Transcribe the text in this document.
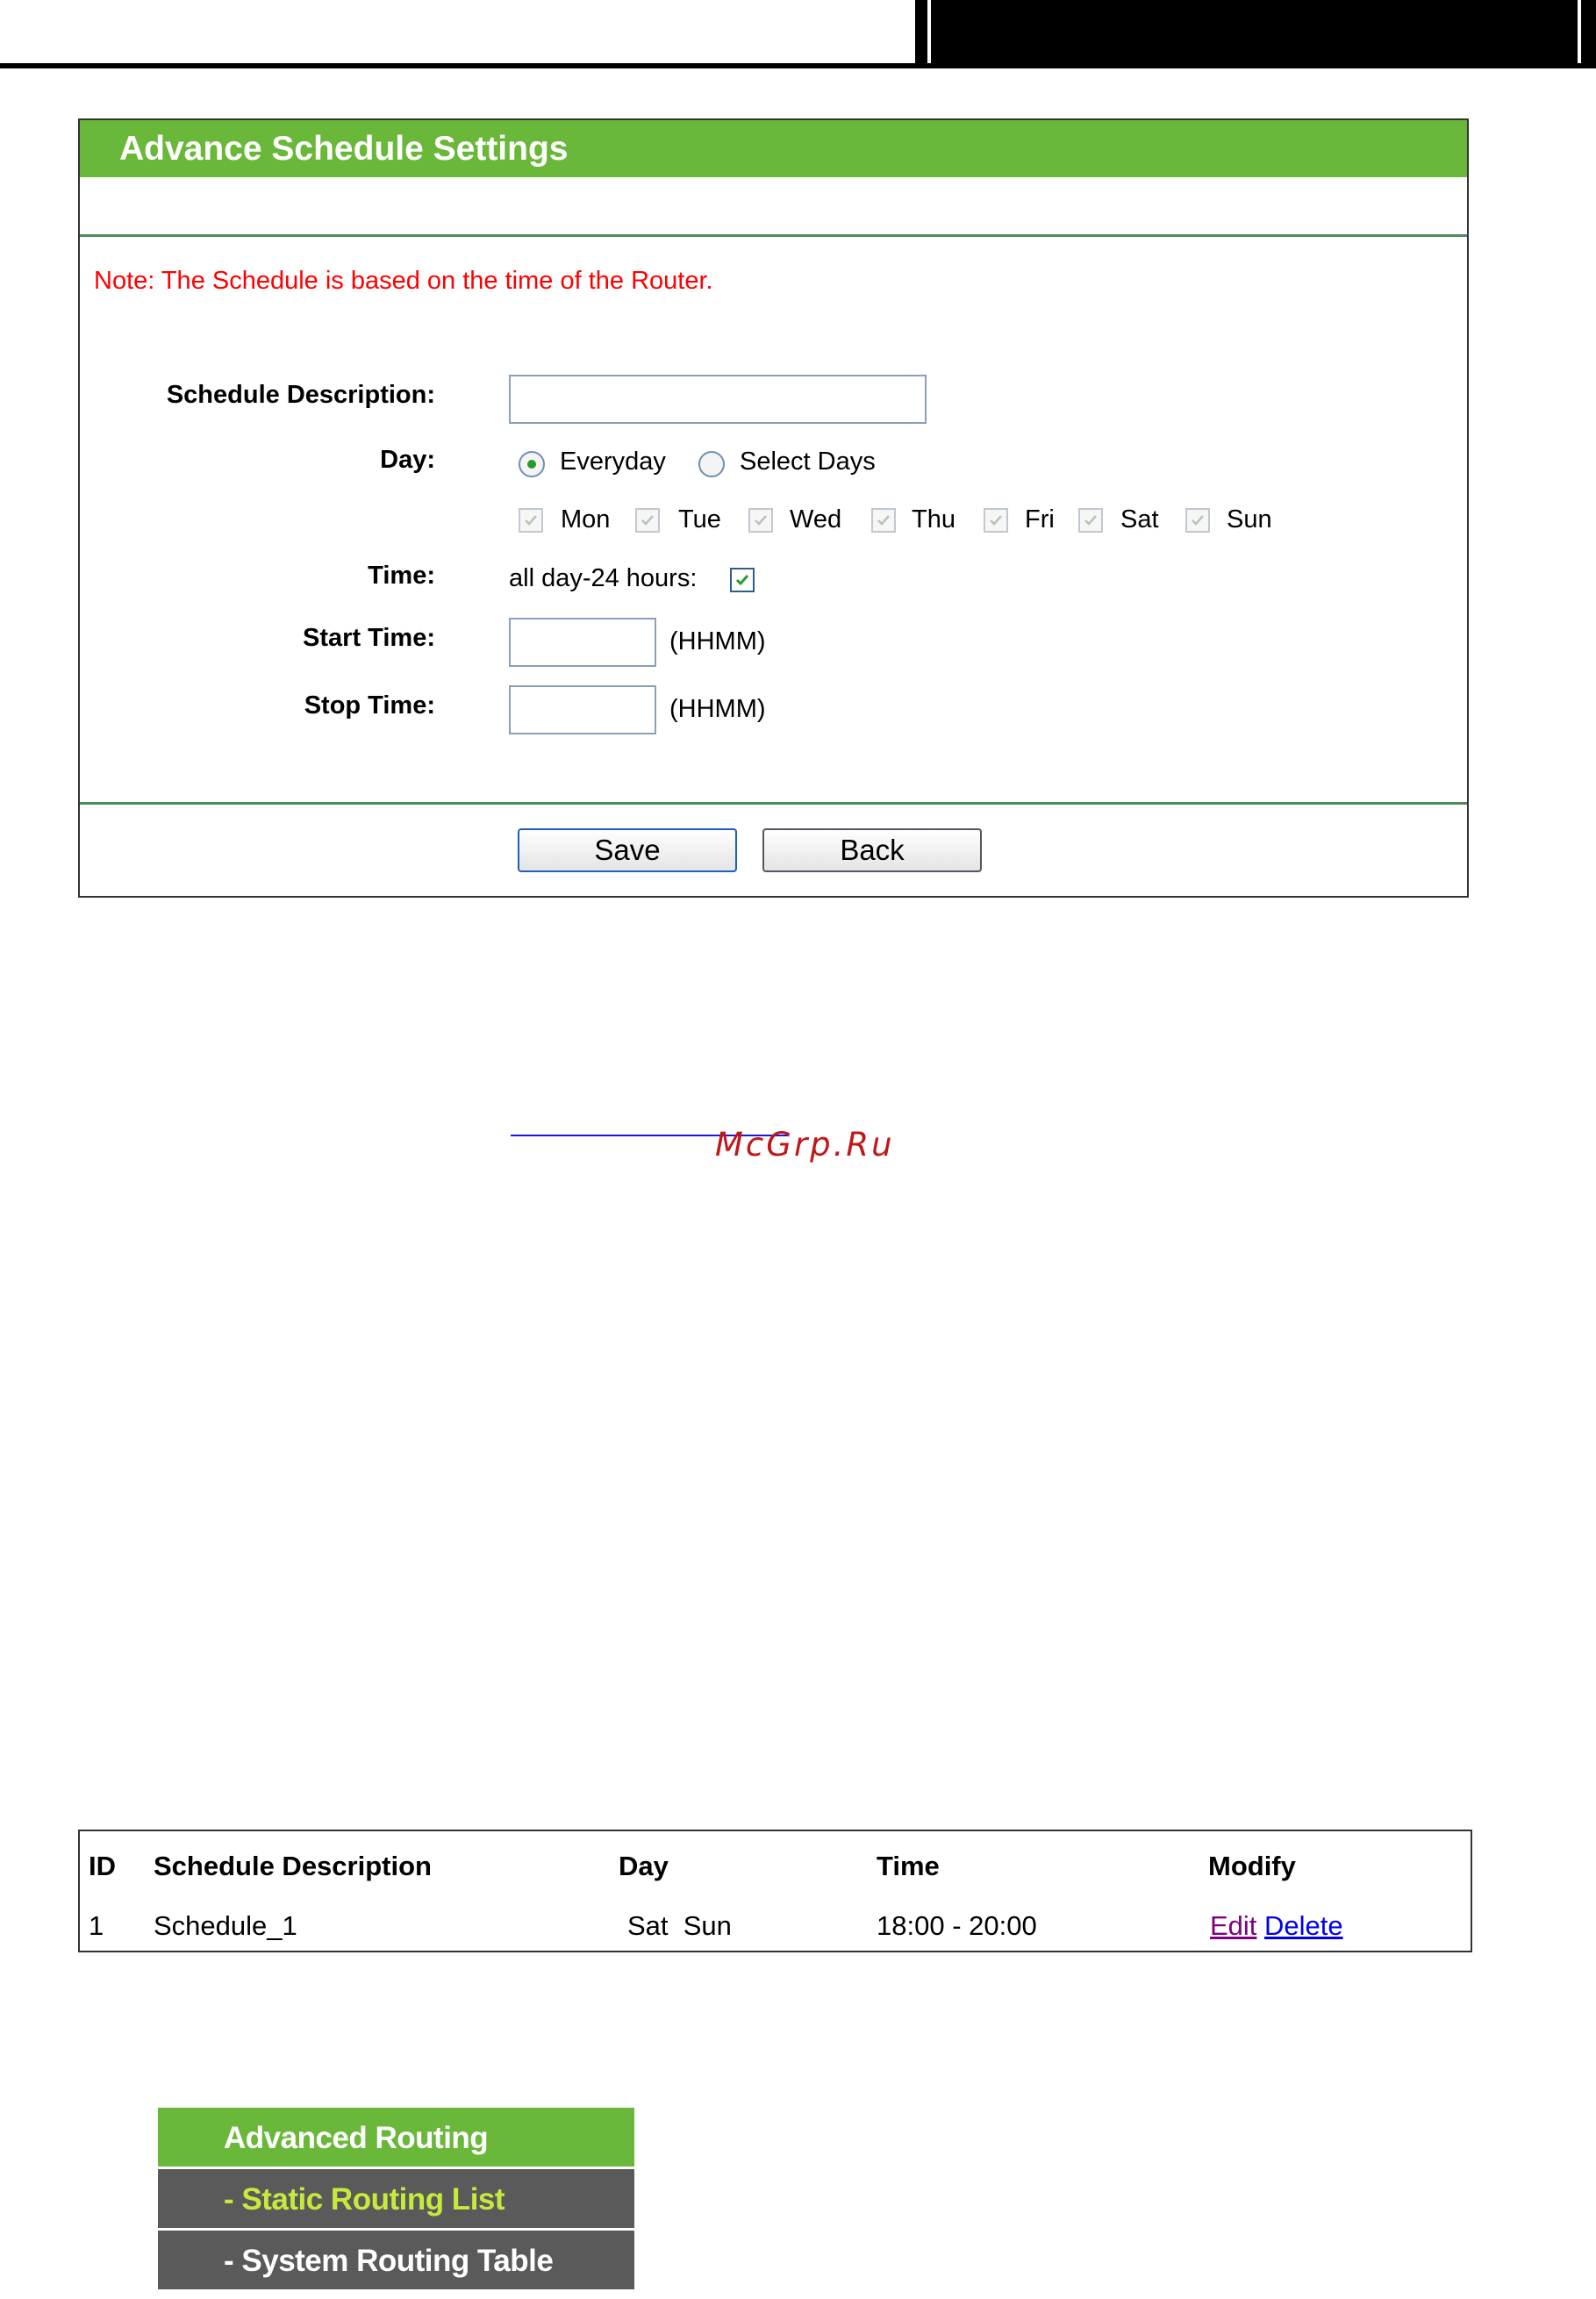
Advance Schedule Settings
Note: The Schedule is based on the time of the Router.
Schedule Description:
Day:	Everyday	Select Days
Mon	Tue	Wed	Thu	Fri	Sat	Sun
Time:	all day-24 hours:
Start Time:	(HHMM)
Stop Time:	(HHMM)
Save	Back
McGrp.Ru
ID Schedule Description	Day	Time	Modify
1 Schedule_1	Sat  Sun	18:00 - 20:00	Edit Delete
Advanced Routing
- Static Routing List
- System Routing Table
